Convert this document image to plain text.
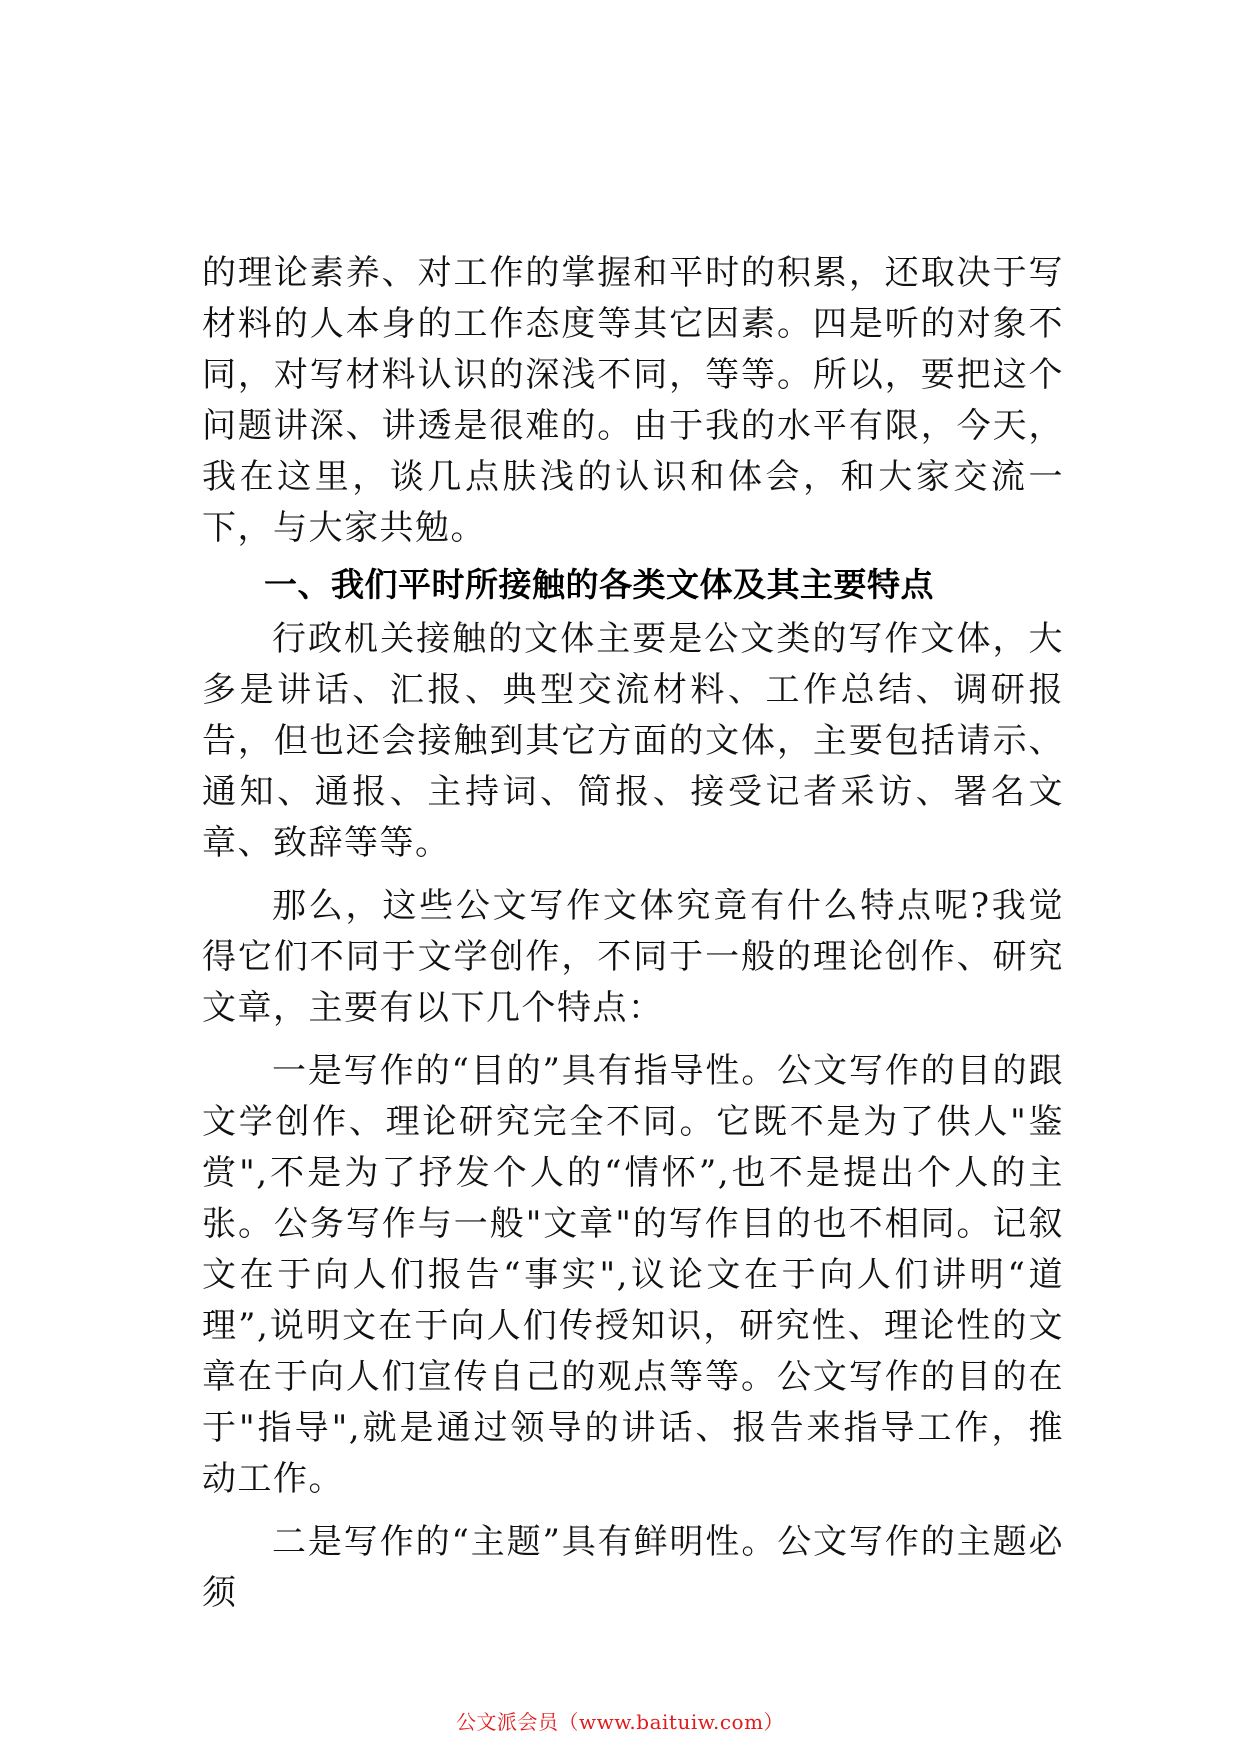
的理论素养、对工作的掌握和平时的积累，还取决于写材料的人本身的工作态度等其它因素。四是听的对象不同，对写材料认识的深浅不同，等等。所以，要把这个问题讲深、讲透是很难的。由于我的水平有限，今天，我在这里，谈几点肤浅的认识和体会，和大家交流一下，与大家共勉。

一、我们平时所接触的各类文体及其主要特点

行政机关接触的文体主要是公文类的写作文体，大多是讲话、汇报、典型交流材料、工作总结、调研报告，但也还会接触到其它方面的文体，主要包括请示、通知、通报、主持词、简报、接受记者采访、署名文章、致辞等等。

那么，这些公文写作文体究竟有什么特点呢?我觉得它们不同于文学创作，不同于一般的理论创作、研究文章，主要有以下几个特点：

一是写作的“目的”具有指导性。公文写作的目的跟文学创作、理论研究完全不同。它既不是为了供人"鉴赏",不是为了抒发个人的“情怀”,也不是提出个人的主张。公务写作与一般"文章"的写作目的也不相同。记叙文在于向人们报告“事实",议论文在于向人们讲明“道理”,说明文在于向人们传授知识，研究性、理论性的文章在于向人们宣传自己的观点等等。公文写作的目的在于"指导",就是通过领导的讲话、报告来指导工作，推动工作。

二是写作的“主题”具有鲜明性。公文写作的主题必须

公文派会员（www.baituiw.com）
